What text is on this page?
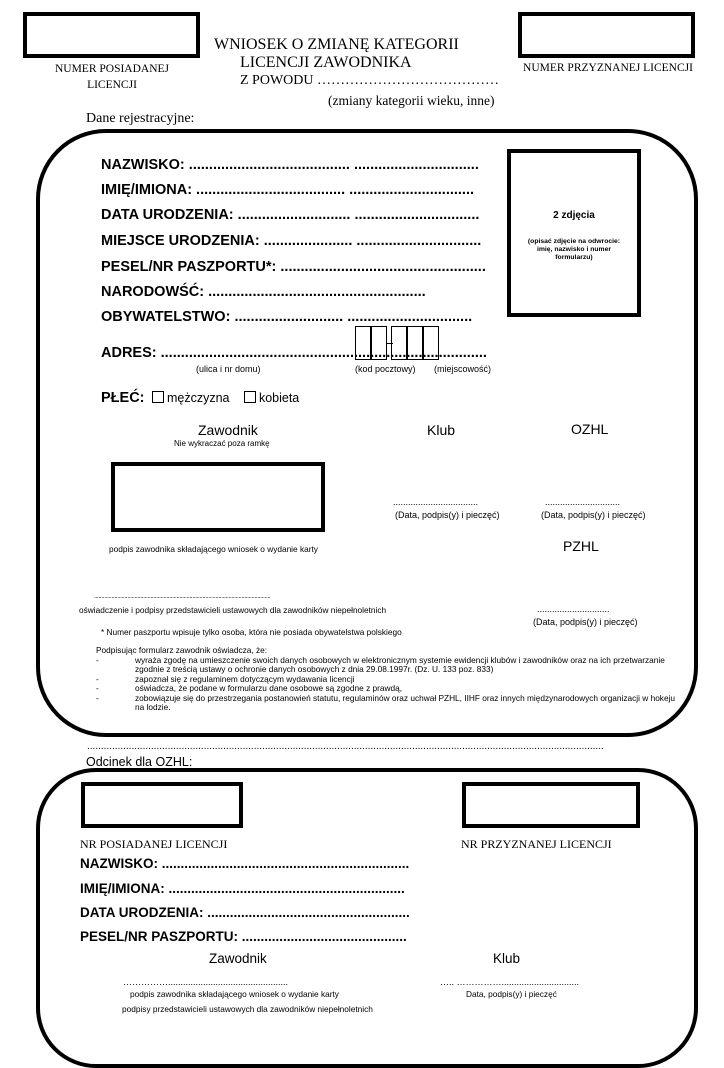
NUMER POSIADANEJ
LICENCJI
WNIOSEK O ZMIANĘ KATEGORII
LICENCJI ZAWODNIKA
Z POWODU …………………………………
(zmiany kategorii wieku, inne)
NUMER PRZYZNANEJ LICENCJI
Dane rejestracyjne:
NAZWISKO: ........................................ ...............................
IMIĘ/IMIONA: ..................................... ...............................
DATA URODZENIA: ............................ ...............................
MIEJSCE URODZENIA: ...................... ...............................
PESEL/NR PASZPORTU*: ...................................................
NARODOWŚĆ: ......................................................
OBYWATELSTWO: ........................... ...............................
ADRES: .................................................................................
(ulica i nr domu)	(kod pocztowy) (miejscowość)
PŁEĆ: mężczyzna kobieta
2 zdjęcia
(opisać zdjęcie na odwrocie: imię, nazwisko i numer formularzu)
Zawodnik
Nie wykraczać poza ramkę
Klub	OZHL
..................................
(Data, podpis(y) i pieczęć)
..............................
(Data, podpis(y) i pieczęć)
podpis zawodnika składającego wniosek o wydanie karty	PZHL
..........................................................................................................................
oświadczenie i podpisy przedstawicieli ustawowych dla zawodników niepełnoletnich	.............................
(Data, podpis(y) i pieczęć)
* Numer paszportu wpisuje tylko osoba, która nie posiada obywatelstwa polskiego
Podpisując formularz zawodnik oświadcza, że:
- wyraża zgodę na umieszczenie swoich danych osobowych w elektronicznym systemie ewidencji klubów i zawodników oraz na ich przetwarzanie zgodnie z treścią ustawy o ochronie danych osobowych z dnia 29.08.1997r. (Dz. U. 133 poz. 833)
- zapoznał się z regulaminem dotyczącym wydawania licencji
- oświadcza, że podane w formularzu dane osobowe są zgodne z prawdą,
- zobowiązuje się do przestrzegania postanowień statutu, regulaminów oraz uchwał PZHL, IIHF oraz innych międzynarodowych organizacji w hokeju na lodzie.
..........................................................................................................................................................................................
Odcinek dla OZHL:
NR POSIADANEJ LICENCJI	NR PRZYZNANEJ LICENCJI
NAZWISKO: ..................................................................
IMIĘ/IMIONA: ...............................................................
DATA URODZENIA: ......................................................
PESEL/NR PASZPORTU: ............................................
Zawodnik	Klub
……………................................................	….. ……………...............................
podpis zawodnika składającego wniosek o wydanie karty	Data, podpis(y) i pieczęć
podpisy przedstawicieli ustawowych dla zawodników niepełnoletnich
